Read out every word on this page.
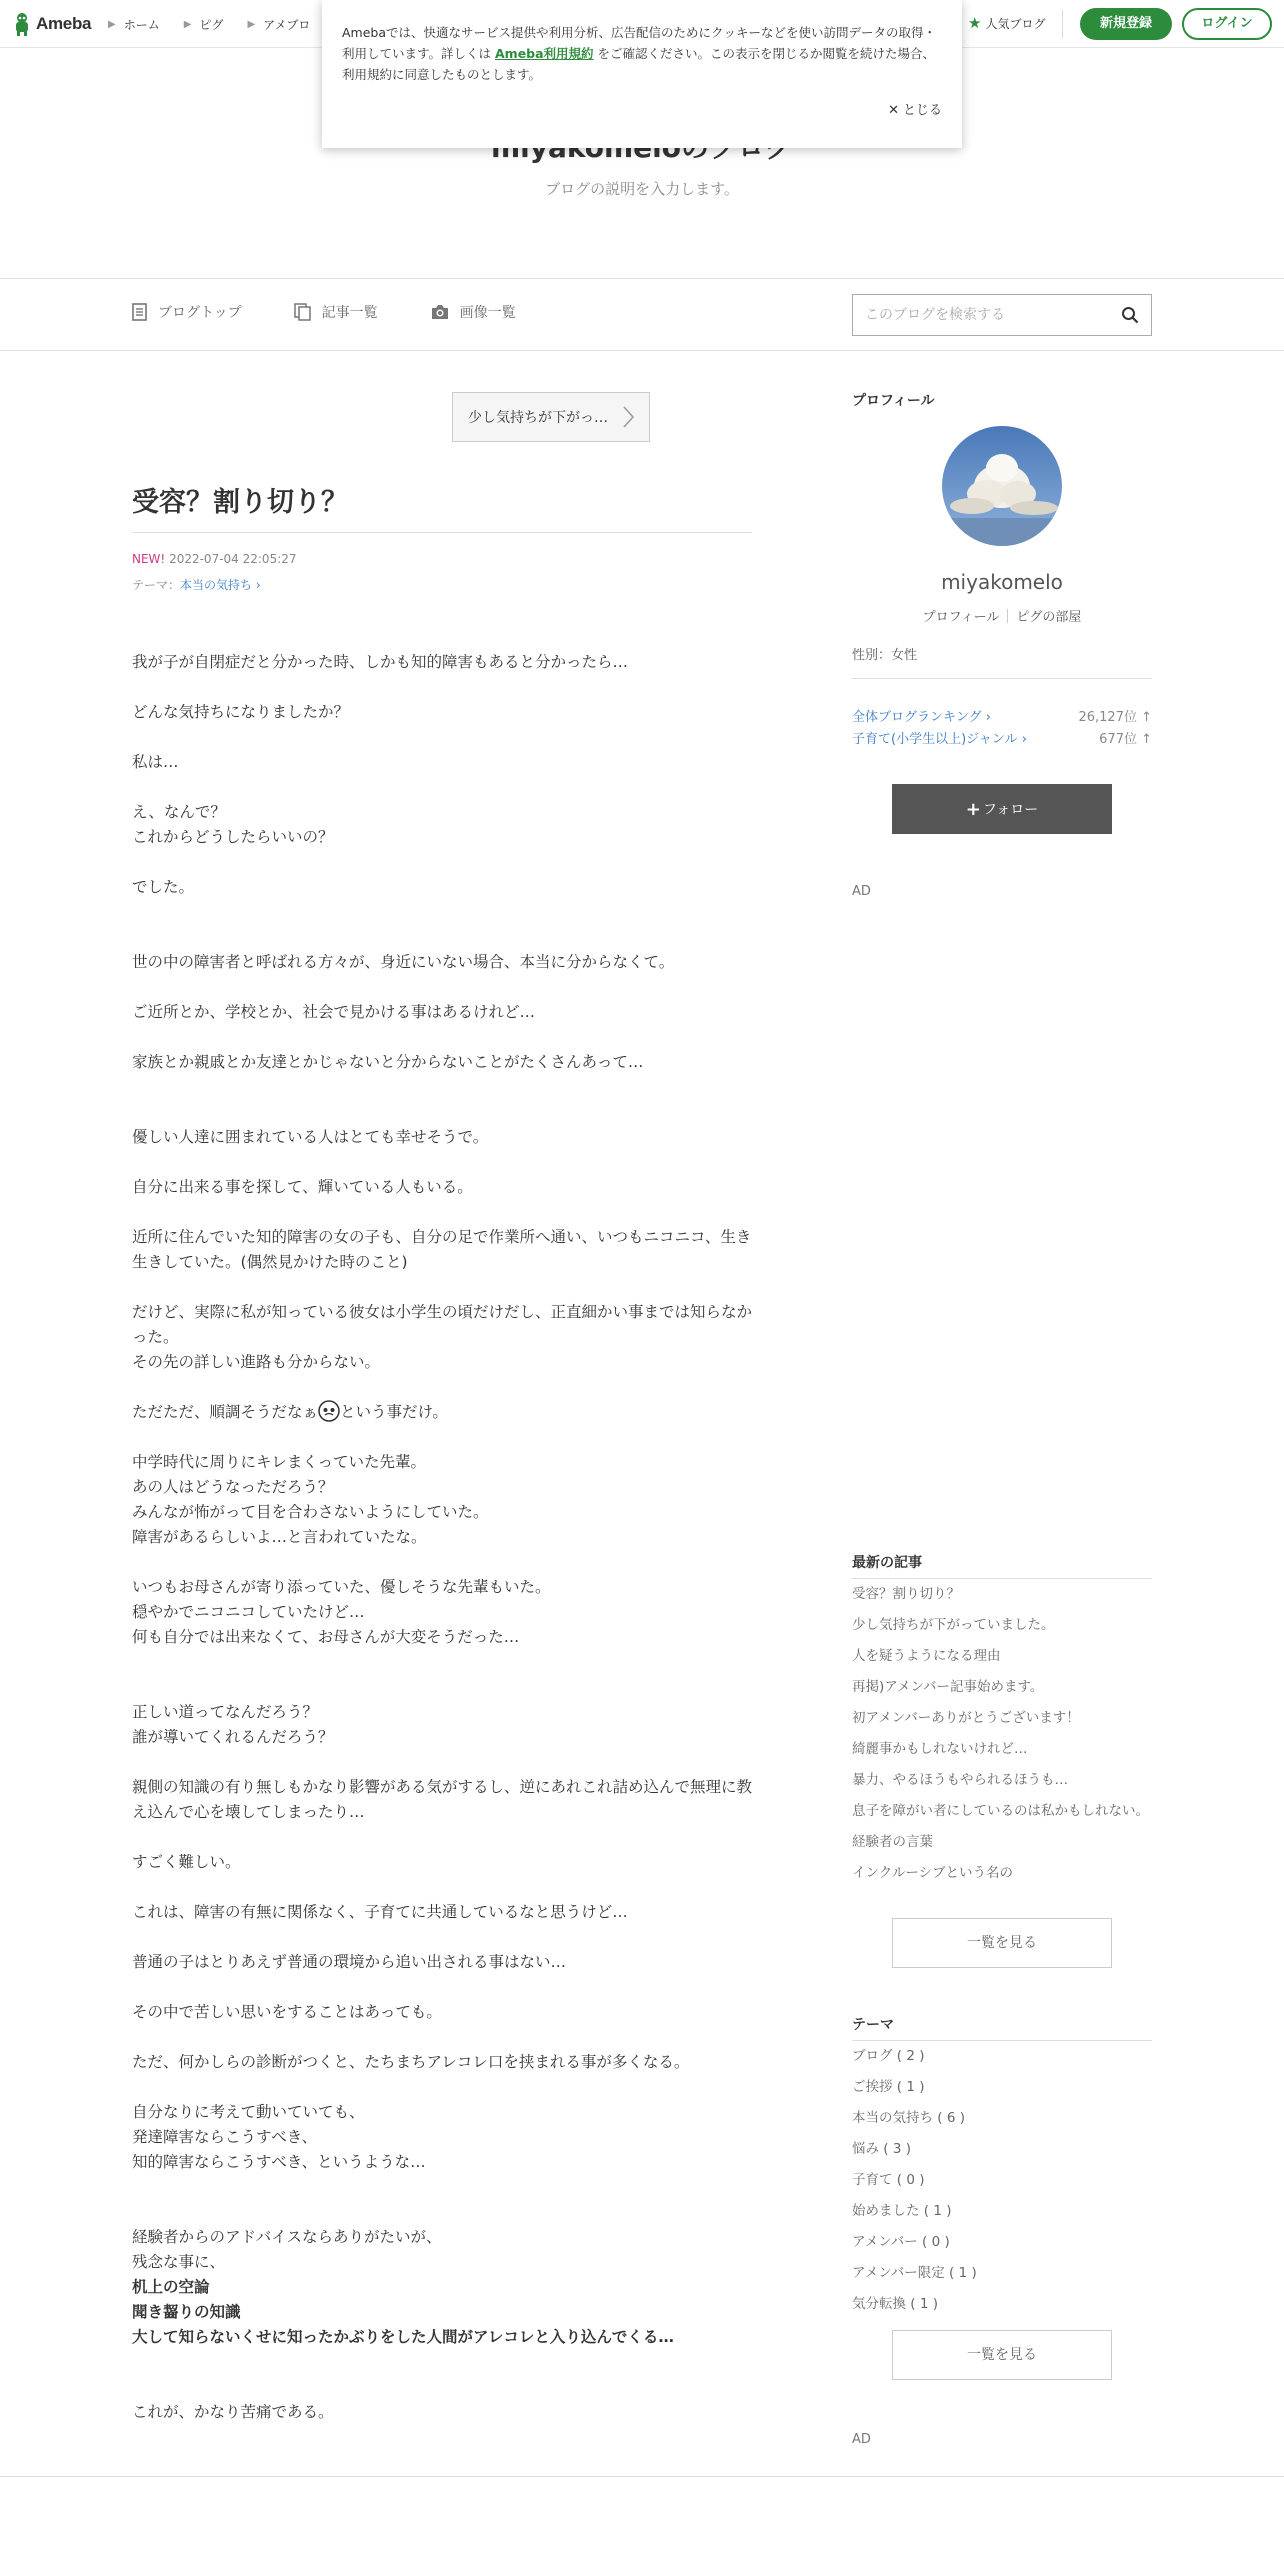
Ameba ▶ ホーム ▶ ピグ ▶ アメブロ	★ 人気ブログ	新規登録	ログイン
ブログの説明を入力します。
Amebaでは、快適なサービス提供や利用分析、広告配信のためにクッキーなどを使い訪問データの取得・利用しています。詳しくは Ameba利用規約 をご確認ください。この表示を閉じるか閲覧を続けた場合、利用規約に同意したものとします。
✕ とじる
ブログトップ	記事一覧	画像一覧
このブログを検索する
少し気持ちが下がっ…
受容？割り切り？
NEW! 2022-07-04 22:05:27
テーマ：本当の気持ち ›

我が子が自閉症だと分かった時、しかも知的障害もあると分かったら…

どんな気持ちになりましたか？

私は…

え、なんで？

これからどうしたらいいの？

でした。

世の中の障害者と呼ばれる方々が、身近にいない場合、本当に分からなくて。

ご近所とか、学校とか、社会で見かける事はあるけれど…

家族とか親戚とか友達とかじゃないと分からないことがたくさんあって…

優しい人達に囲まれている人はとても幸せそうで。

自分に出来る事を探して、輝いている人もいる。

近所に住んでいた知的障害の女の子も、自分の足で作業所へ通い、いつもニコニコ、生き生きしていた。(偶然見かけた時のこと)

だけど、実際に私が知っている彼女は小学生の頃だけだし、正直細かい事までは知らなかった。

その先の詳しい進路も分からない。

ただただ、順調そうだなぁ という事だけ。

中学時代に周りにキレまくっていた先輩。

あの人はどうなっただろう？

みんなが怖がって目を合わさないようにしていた。

障害があるらしいよ…と言われていたな。

いつもお母さんが寄り添っていた、優しそうな先輩もいた。

穏やかでニコニコしていたけど…

何も自分では出来なくて、お母さんが大変そうだった…

正しい道ってなんだろう？

誰が導いてくれるんだろう？

親側の知識の有り無しもかなり影響がある気がするし、逆にあれこれ詰め込んで無理に教え込んで心を壊してしまったり…

すごく難しい。

これは、障害の有無に関係なく、子育てに共通しているなと思うけど…

普通の子はとりあえず普通の環境から追い出される事はない…

その中で苦しい思いをすることはあっても。

ただ、何かしらの診断がつくと、たちまちアレコレ口を挟まれる事が多くなる。

自分なりに考えて動いていても、

発達障害ならこうすべき、

知的障害ならこうすべき、というような…

経験者からのアドバイスならありがたいが、

残念な事に、

机上の空論

聞き齧りの知識

大して知らないくせに知ったかぶりをした人間がアレコレと入り込んでくる…

これが、かなり苦痛である。

プロフィール
miyakomelo
プロフィール ピグの部屋
性別：女性
全体ブログランキング ›	26,127位 ↑
子育て(小学生以上)ジャンル ›	677位 ↑
+ フォロー
AD
最新の記事
受容？割り切り？
少し気持ちが下がっていました。
人を疑うようになる理由
再掲)アメンバー記事始めます。
初アメンバーありがとうございます！
綺麗事かもしれないけれど…
暴力、やるほうもやられるほうも…
息子を障がい者にしているのは私かもしれない。
経験者の言葉
インクルーシブという名の
一覧を見る
テーマ
ブログ ( 2 )
ご挨拶 ( 1 )
本当の気持ち ( 6 )
悩み ( 3 )
子育て ( 0 )
始めました ( 1 )
アメンバー ( 0 )
アメンバー限定 ( 1 )
気分転換 ( 1 )
一覧を見る
AD
